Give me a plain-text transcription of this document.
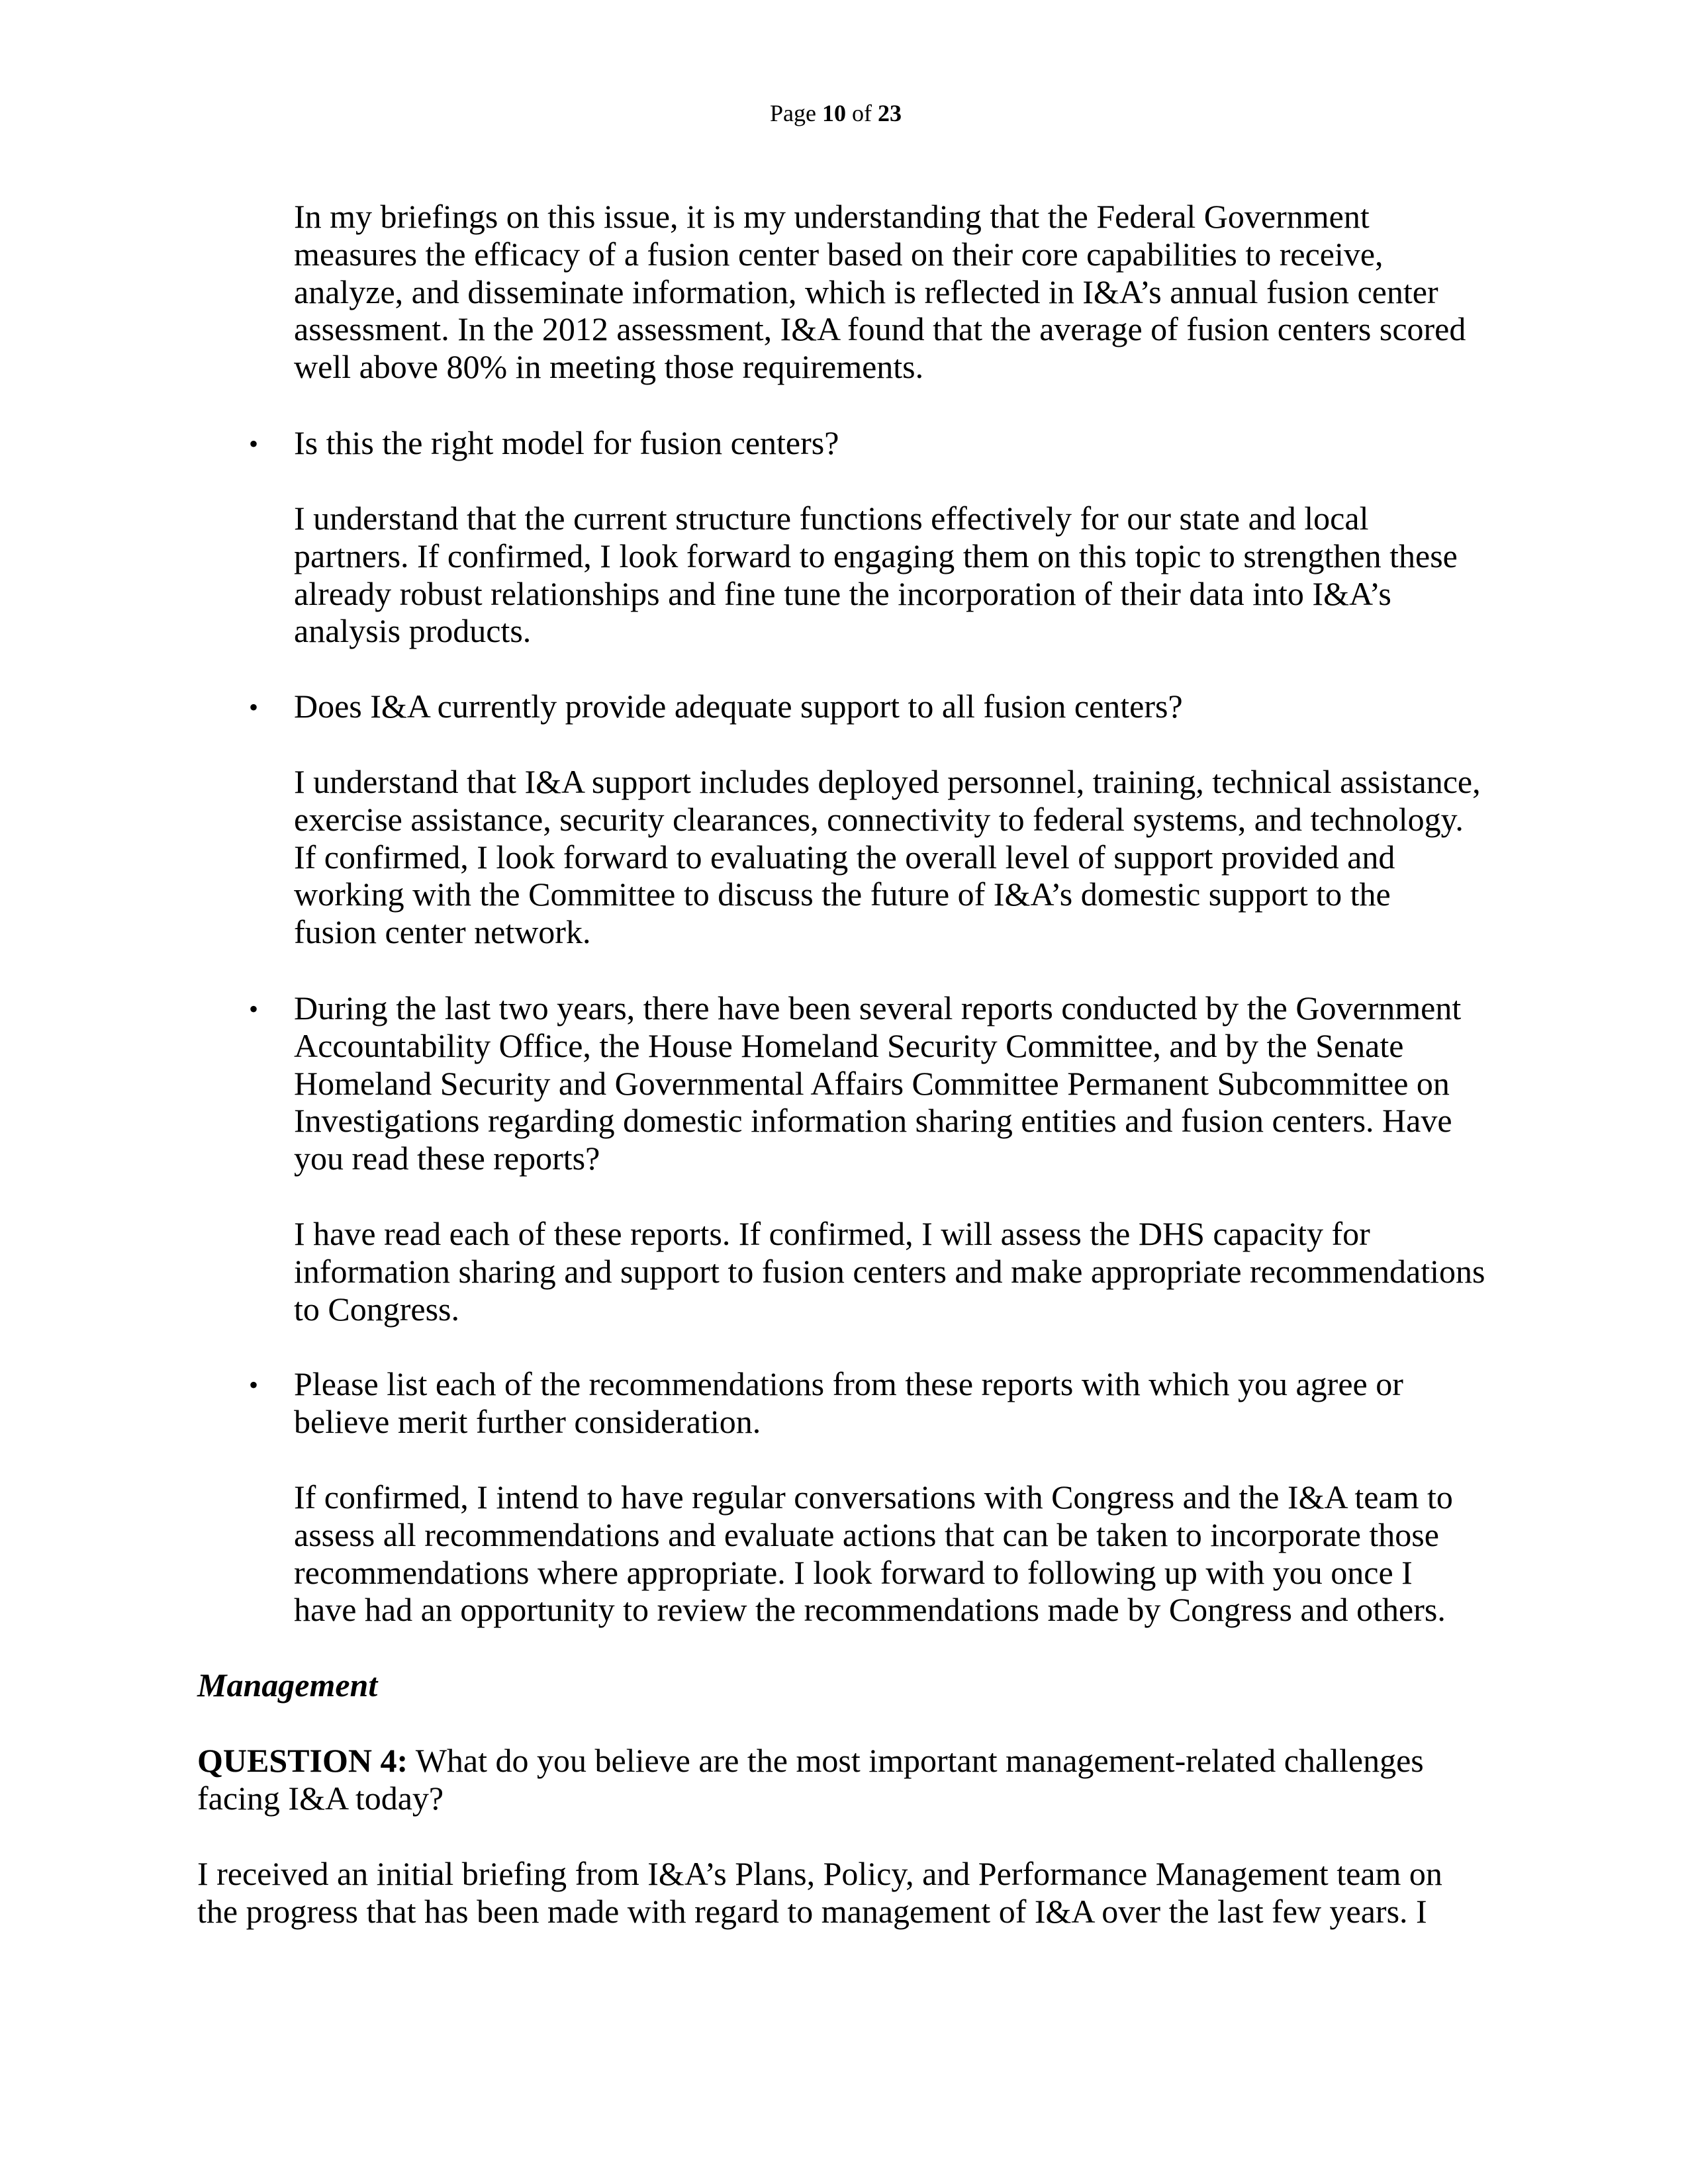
Page 10 of 23
In my briefings on this issue, it is my understanding that the Federal Government
measures the efficacy of a fusion center based on their core capabilities to receive,
analyze, and disseminate information, which is reflected in I&A’s annual fusion center
assessment. In the 2012 assessment, I&A found that the average of fusion centers scored
well above 80% in meeting those requirements.
• Is this the right model for fusion centers?
I understand that the current structure functions effectively for our state and local
partners. If confirmed, I look forward to engaging them on this topic to strengthen these
already robust relationships and fine tune the incorporation of their data into I&A’s
analysis products.
• Does I&A currently provide adequate support to all fusion centers?
I understand that I&A support includes deployed personnel, training, technical assistance,
exercise assistance, security clearances, connectivity to federal systems, and technology.
If confirmed, I look forward to evaluating the overall level of support provided and
working with the Committee to discuss the future of I&A’s domestic support to the
fusion center network.
• During the last two years, there have been several reports conducted by the Government
Accountability Office, the House Homeland Security Committee, and by the Senate
Homeland Security and Governmental Affairs Committee Permanent Subcommittee on
Investigations regarding domestic information sharing entities and fusion centers. Have
you read these reports?
I have read each of these reports. If confirmed, I will assess the DHS capacity for
information sharing and support to fusion centers and make appropriate recommendations
to Congress.
• Please list each of the recommendations from these reports with which you agree or
believe merit further consideration.
If confirmed, I intend to have regular conversations with Congress and the I&A team to
assess all recommendations and evaluate actions that can be taken to incorporate those
recommendations where appropriate. I look forward to following up with you once I
have had an opportunity to review the recommendations made by Congress and others.
Management
QUESTION 4: What do you believe are the most important management-related challenges
facing I&A today?
I received an initial briefing from I&A’s Plans, Policy, and Performance Management team on
the progress that has been made with regard to management of I&A over the last few years. I
